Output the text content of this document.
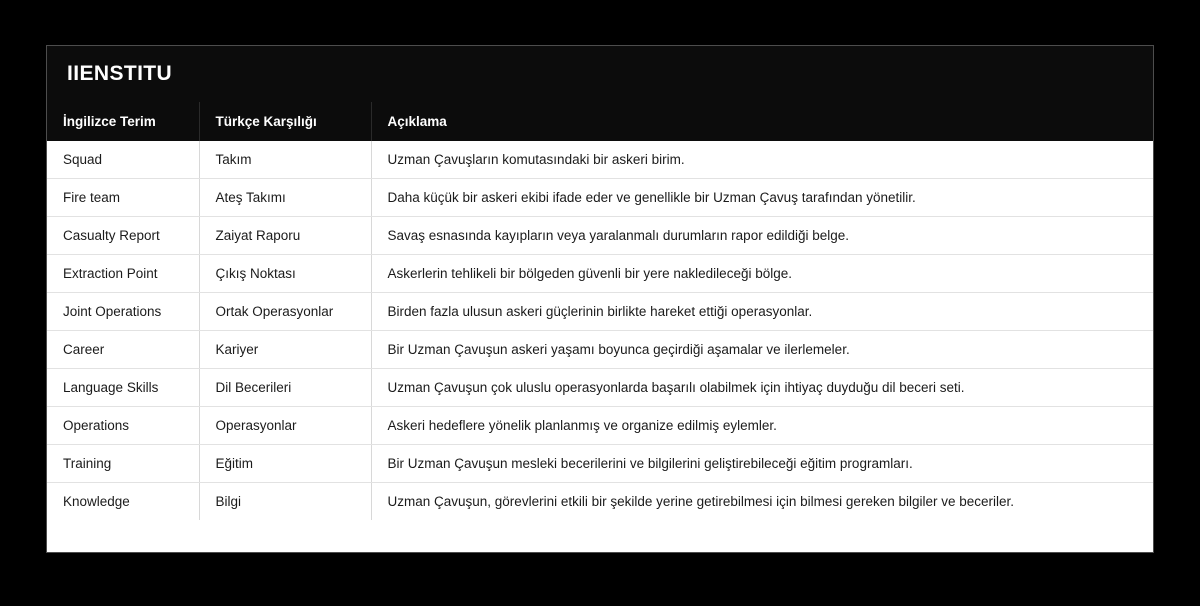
IIENSTITU
İngilizce Terim	Türkçe Karşılığı	Açıklama
Squad	Takım	Uzman Çavuşların komutasındaki bir askeri birim.
Fire team	Ateş Takımı	Daha küçük bir askeri ekibi ifade eder ve genellikle bir Uzman Çavuş tarafından yönetilir.
Casualty Report	Zaiyat Raporu	Savaş esnasında kayıpların veya yaralanmalı durumların rapor edildiği belge.
Extraction Point	Çıkış Noktası	Askerlerin tehlikeli bir bölgeden güvenli bir yere nakledileceği bölge.
Joint Operations	Ortak Operasyonlar	Birden fazla ulusun askeri güçlerinin birlikte hareket ettiği operasyonlar.
Career	Kariyer	Bir Uzman Çavuşun askeri yaşamı boyunca geçirdiği aşamalar ve ilerlemeler.
Language Skills	Dil Becerileri	Uzman Çavuşun çok uluslu operasyonlarda başarılı olabilmek için ihtiyaç duyduğu dil beceri seti.
Operations	Operasyonlar	Askeri hedeflere yönelik planlanmış ve organize edilmiş eylemler.
Training	Eğitim	Bir Uzman Çavuşun mesleki becerilerini ve bilgilerini geliştirebileceği eğitim programları.
Knowledge	Bilgi	Uzman Çavuşun, görevlerini etkili bir şekilde yerine getirebilmesi için bilmesi gereken bilgiler ve beceriler.
